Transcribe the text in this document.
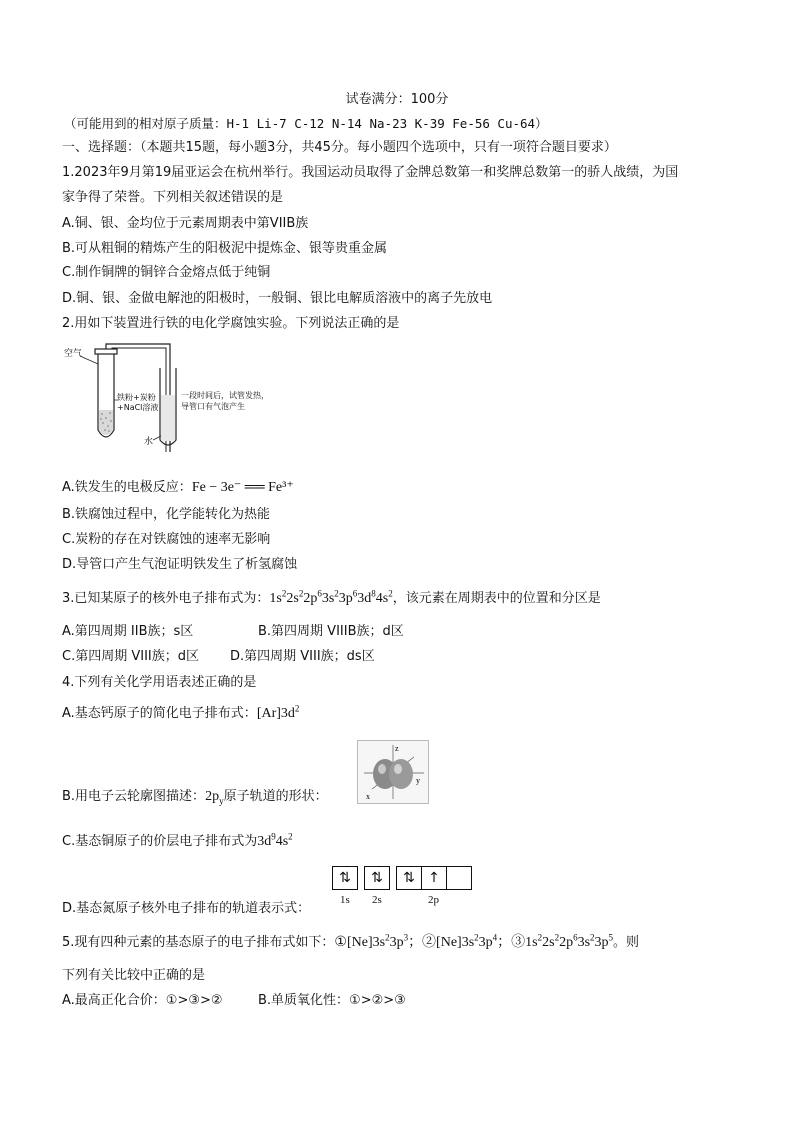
试卷满分：100分
（可能用到的相对原子质量：H-1 Li-7 C-12 N-14 Na-23 K-39 Fe-56 Cu-64）
一、选择题：（本题共15题，每小题3分，共45分。每小题四个选项中，只有一项符合题目要求）
1.2023年9月第19届亚运会在杭州举行。我国运动员取得了金牌总数第一和奖牌总数第一的骄人战绩，为国
家争得了荣誉。下列相关叙述错误的是
A.铜、银、金均位于元素周期表中第VIIB族
B.可从粗铜的精炼产生的阳极泥中提炼金、银等贵重金属
C.制作铜牌的铜锌合金熔点低于纯铜
D.铜、银、金做电解池的阳极时，一般铜、银比电解质溶液中的离子先放电
2.用如下装置进行铁的电化学腐蚀实验。下列说法正确的是
空气
铁粉+炭粉
+NaCl溶液
一段时间后，试管发热，
导管口有气泡产生
水
A.铁发生的电极反应：Fe − 3e⁻ ══ Fe³⁺
B.铁腐蚀过程中，化学能转化为热能
C.炭粉的存在对铁腐蚀的速率无影响
D.导管口产生气泡证明铁发生了析氢腐蚀
3.已知某原子的核外电子排布式为：$1s^22s^22p^63s^23p^63d^84s^2$，该元素在周期表中的位置和分区是
A.第四周期 IIB族；s区	B.第四周期 VIIIB族；d区
C.第四周期 VIII族；d区 D.第四周期 VIII族；ds区
4.下列有关化学用语表述正确的是
A.基态钙原子的简化电子排布式：$[Ar]3d^2$
z
y
x
B.用电子云轮廓图描述：$2p_y$原子轨道的形状：
C.基态铜原子的价层电子排布式为$3d^94s^2$
⇅	⇅	⇅ ↑
1s 2s	2p
D.基态氮原子核外电子排布的轨道表示式：
5.现有四种元素的基态原子的电子排布式如下：$①[Ne]3s^23p^3$；$②[Ne]3s^23p^4$；$③1s^22s^22p^63s^23p^5$。则
下列有关比较中正确的是
A.最高正化合价：①>③>②	B.单质氧化性：①>②>③
